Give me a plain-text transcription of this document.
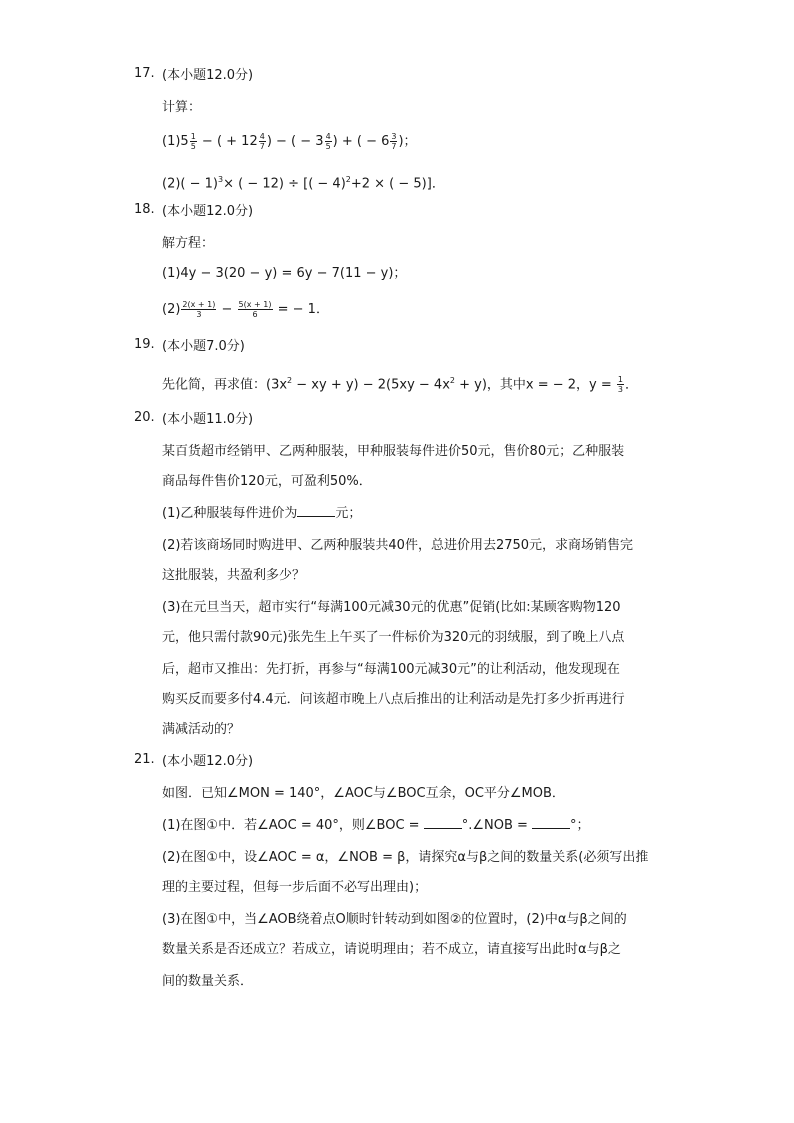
17. (本小题12.0分)
计算：
$(1)5 \frac{1}{5}$ − ( + $12 \frac{4}{7}$ ) − ( − $3 \frac{4}{5}$ ) + ( − $6 \frac{3}{7}$ )；
$(2)( - 1)^3\times$ ( − 12) ÷ [( − 4)$^2$+2 × ( − 5)]．
18. (本小题12.0分)
解方程：
(1)4y − 3(20 − y) = 6y − 7(11 − y)；
$(2) \frac{2(x + 1)}{3} - \frac{5(x + 1)}{6}$ = − 1．
19. (本小题7.0分)
先化简，再求值：($3x^2$ − xy + $y) - 2(5xy - 4x^2 + y)$，其中x = − 2，$y = \frac{1}{3}$ ．
20. (本小题11.0分)
某百货超市经销甲、乙两种服装，甲种服装每件进价50元，售价80元；乙种服装
商品每件售价120元，可盈利50%．
(1)乙种服装每件进价为	元；
(2)若该商场同时购进甲、乙两种服装共40件，总进价用去2750元，求商场销售完
这批服装，共盈利多少？
(3)在元旦当天，超市实行“每满100元减30元的优惠”促销(比如:某顾客购物120
元，他只需付款90元)张先生上午买了一件标价为320元的羽绒服，到了晚上八点
后，超市又推出：先打折，再参与“每满100元减30元”的让利活动，他发现现在
购买反而要多付4.4元．问该超市晚上八点后推出的让利活动是先打多少折再进行
满减活动的？
21. (本小题12.0分)
如图．已知∠MON = 140°，∠AOC与∠BOC互余，OC平分∠MOB．
(1)在图①中．若∠AOC = 40°，则∠BOC =	°.∠NOB =	°；
(2)在图①中，设∠AOC = α，∠NOB = β，请探究α与β之间的数量关系(必须写出推
理的主要过程，但每一步后面不必写出理由)；
(3)在图①中，当∠AOB绕着点O顺时针转动到如图②的位置时，(2)中α与β之间的
数量关系是否还成立？若成立，请说明理由；若不成立，请直接写出此时α与β之
间的数量关系．
